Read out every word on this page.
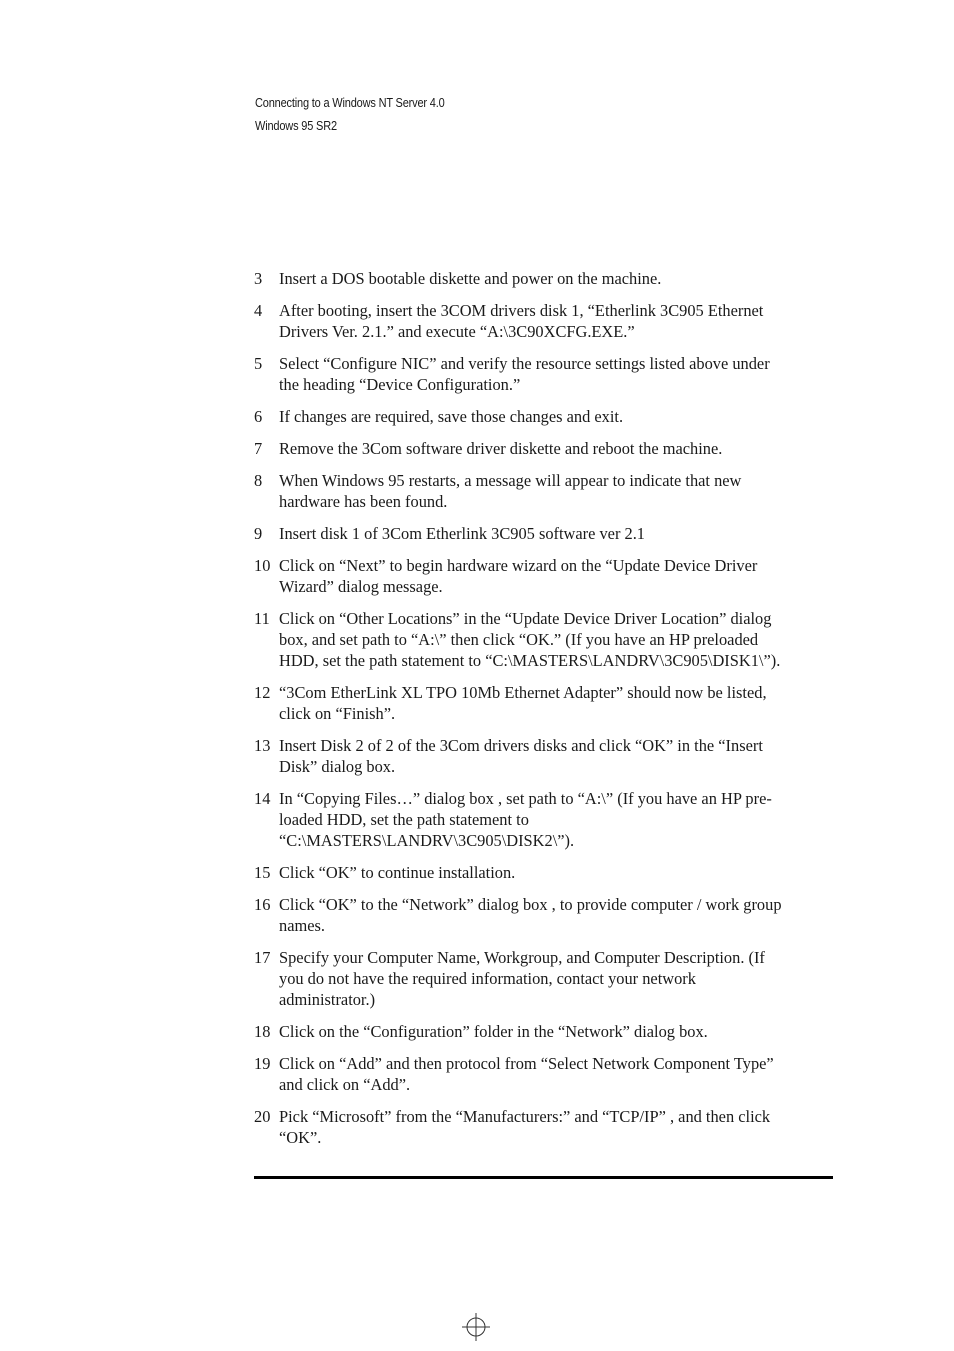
Connecting to a Windows NT Server 4.0
Windows 95 SR2
3	Insert a DOS bootable diskette and power on the machine.
4	After booting, insert the 3COM drivers disk 1, “Etherlink 3C905 Ethernet
Drivers Ver. 2.1.” and execute “A:\3C90XCFG.EXE.”
5	Select “Configure NIC” and verify the resource settings listed above under
the heading “Device Configuration.”
6	If changes are required, save those changes and exit.
7	Remove the 3Com software driver diskette and reboot the machine.
8	When Windows 95 restarts, a message will appear to indicate that new
hardware has been found.
9	Insert disk 1 of 3Com Etherlink 3C905 software ver 2.1
10 Click on “Next” to begin hardware wizard on the “Update Device Driver
Wizard” dialog message.
11 Click on “Other Locations” in the “Update Device Driver Location” dialog
box, and set path to “A:\” then click “OK.” (If you have an HP preloaded
HDD, set the path statement to “C:\MASTERS\LANDRV\3C905\DISK1\”).
12 “3Com EtherLink XL TPO 10Mb Ethernet Adapter” should now be listed,
click on “Finish”.
13 Insert Disk 2 of 2 of the 3Com drivers disks and click “OK” in the “Insert
Disk” dialog box.
14 In “Copying Files…” dialog box , set path to “A:\” (If you have an HP pre-
loaded HDD, set the path statement to
“C:\MASTERS\LANDRV\3C905\DISK2\”).
15 Click “OK” to continue installation.
16 Click “OK” to the “Network” dialog box , to provide computer / work group
names.
17 Specify your Computer Name, Workgroup, and Computer Description. (If
you do not have the required information, contact your network
administrator.)
18 Click on the “Configuration” folder in the “Network” dialog box.
19 Click on “Add” and then protocol from “Select Network Component Type”
and click on “Add”.
20 Pick “Microsoft” from the “Manufacturers:” and “TCP/IP” , and then click
“OK”.
